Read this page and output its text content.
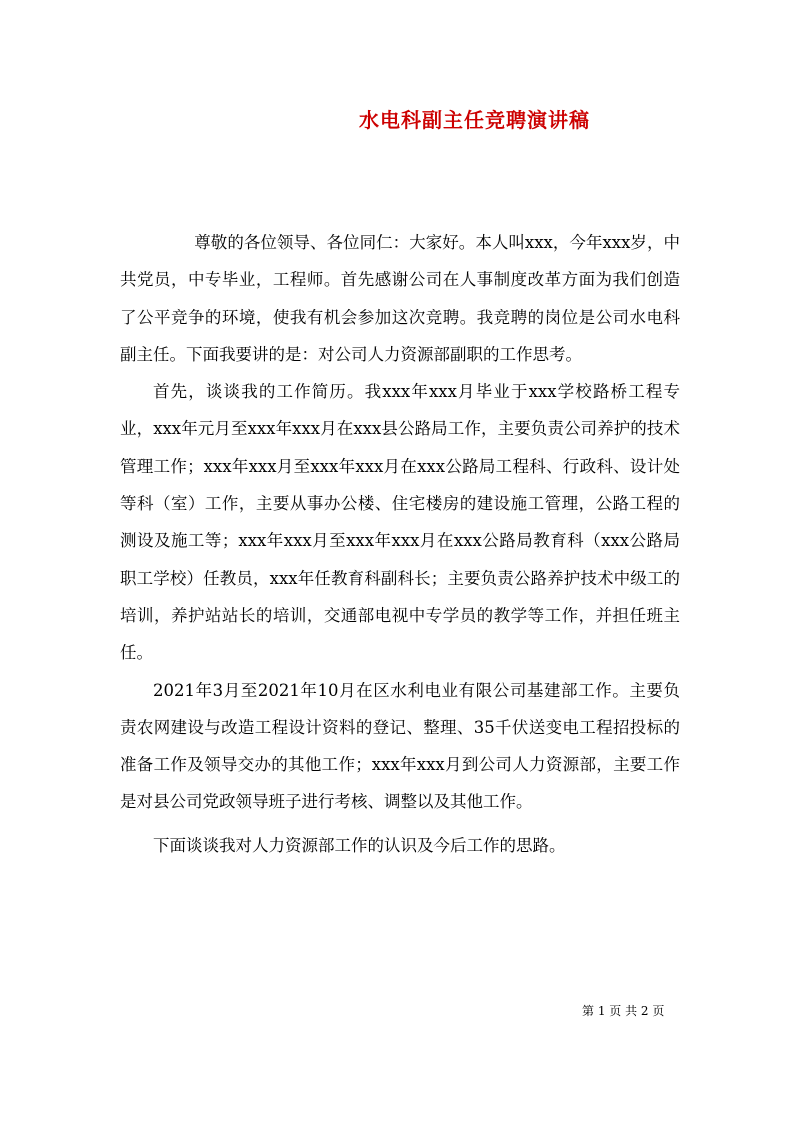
水电科副主任竞聘演讲稿

尊敬的各位领导、各位同仁：大家好。本人叫xxx，今年xxx岁，中共党员，中专毕业，工程师。首先感谢公司在人事制度改革方面为我们创造了公平竞争的环境，使我有机会参加这次竞聘。我竞聘的岗位是公司水电科副主任。下面我要讲的是：对公司人力资源部副职的工作思考。

首先，谈谈我的工作简历。我xxx年xxx月毕业于xxx学校路桥工程专业，xxx年元月至xxx年xxx月在xxx县公路局工作，主要负责公司养护的技术管理工作；xxx年xxx月至xxx年xxx月在xxx公路局工程科、行政科、设计处等科（室）工作，主要从事办公楼、住宅楼房的建设施工管理，公路工程的测设及施工等；xxx年xxx月至xxx年xxx月在xxx公路局教育科（xxx公路局职工学校）任教员，xxx年任教育科副科长；主要负责公路养护技术中级工的培训，养护站站长的培训，交通部电视中专学员的教学等工作，并担任班主任。

2021年3月至2021年10月在区水利电业有限公司基建部工作。主要负责农网建设与改造工程设计资料的登记、整理、35千伏送变电工程招投标的准备工作及领导交办的其他工作；xxx年xxx月到公司人力资源部，主要工作是对县公司党政领导班子进行考核、调整以及其他工作。

下面谈谈我对人力资源部工作的认识及今后工作的思路。

第 1 页 共 2 页
